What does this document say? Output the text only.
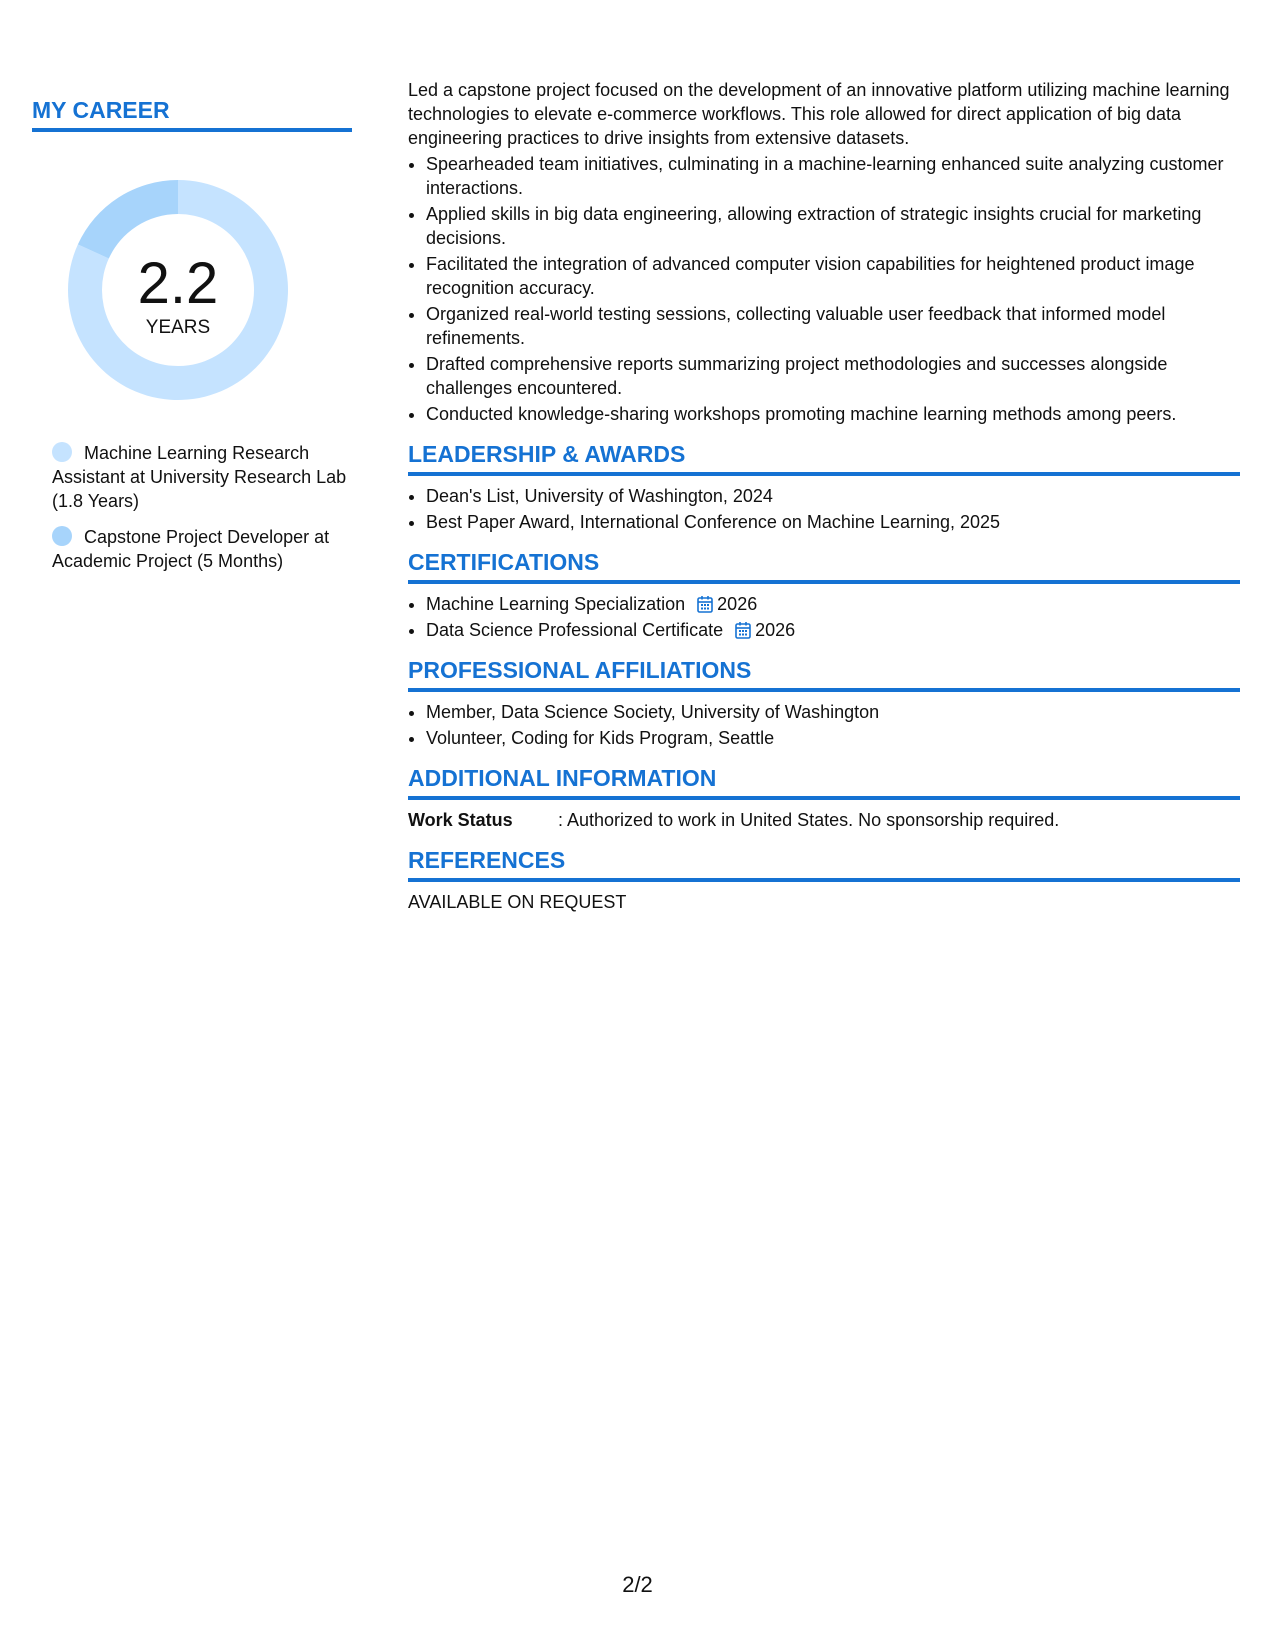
MY CAREER
2.2
YEARS
Machine Learning Research Assistant at University Research Lab (1.8 Years)
Capstone Project Developer at Academic Project (5 Months)

Led a capstone project focused on the development of an innovative platform utilizing machine learning technologies to elevate e-commerce workflows. This role allowed for direct application of big data engineering practices to drive insights from extensive datasets.

• Spearheaded team initiatives, culminating in a machine-learning enhanced suite analyzing customer interactions.
• Applied skills in big data engineering, allowing extraction of strategic insights crucial for marketing decisions.
• Facilitated the integration of advanced computer vision capabilities for heightened product image recognition accuracy.
• Organized real-world testing sessions, collecting valuable user feedback that informed model refinements.
• Drafted comprehensive reports summarizing project methodologies and successes alongside challenges encountered.
• Conducted knowledge-sharing workshops promoting machine learning methods among peers.
LEADERSHIP & AWARDS
• Dean's List, University of Washington, 2024
• Best Paper Award, International Conference on Machine Learning, 2025
CERTIFICATIONS
• Machine Learning Specialization 2026
• Data Science Professional Certificate 2026
PROFESSIONAL AFFILIATIONS
• Member, Data Science Society, University of Washington
• Volunteer, Coding for Kids Program, Seattle
ADDITIONAL INFORMATION
Work Status	: Authorized to work in United States. No sponsorship required.
REFERENCES
AVAILABLE ON REQUEST
2/2
